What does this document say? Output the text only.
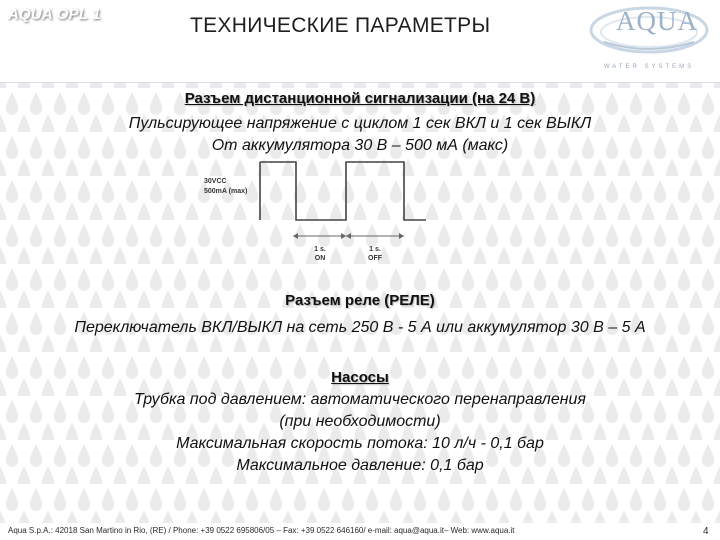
AQUA OPL 1	ТЕХНИЧЕСКИЕ ПАРАМЕТРЫ	AQUA
WATER SYSTEMS
Разъем дистанционной сигнализации (на 24 В)
Пульсирующее напряжение с циклом 1 сек ВКЛ и 1 сек ВЫКЛ
От аккумулятора 30 В – 500 мА (макс)
30VCC
500mA (max)
1 s.
ON
1 s.
OFF
Разъем реле (РЕЛЕ)
Переключатель ВКЛ/ВЫКЛ на сеть 250 В - 5 А или аккумулятор 30 В – 5 А
Насосы
Трубка под давлением: автоматического перенаправления
(при необходимости)
Максимальная скорость потока: 10 л/ч - 0,1 бар
Максимальное давление: 0,1 бар
Aqua S.p.A.: 42018 San Martino in Rio, (RE) / Phone: +39 0522 695806/05 – Fax: +39 0522 646160/ e-mail: aqua@aqua.it– Web: www.aqua.it	4
